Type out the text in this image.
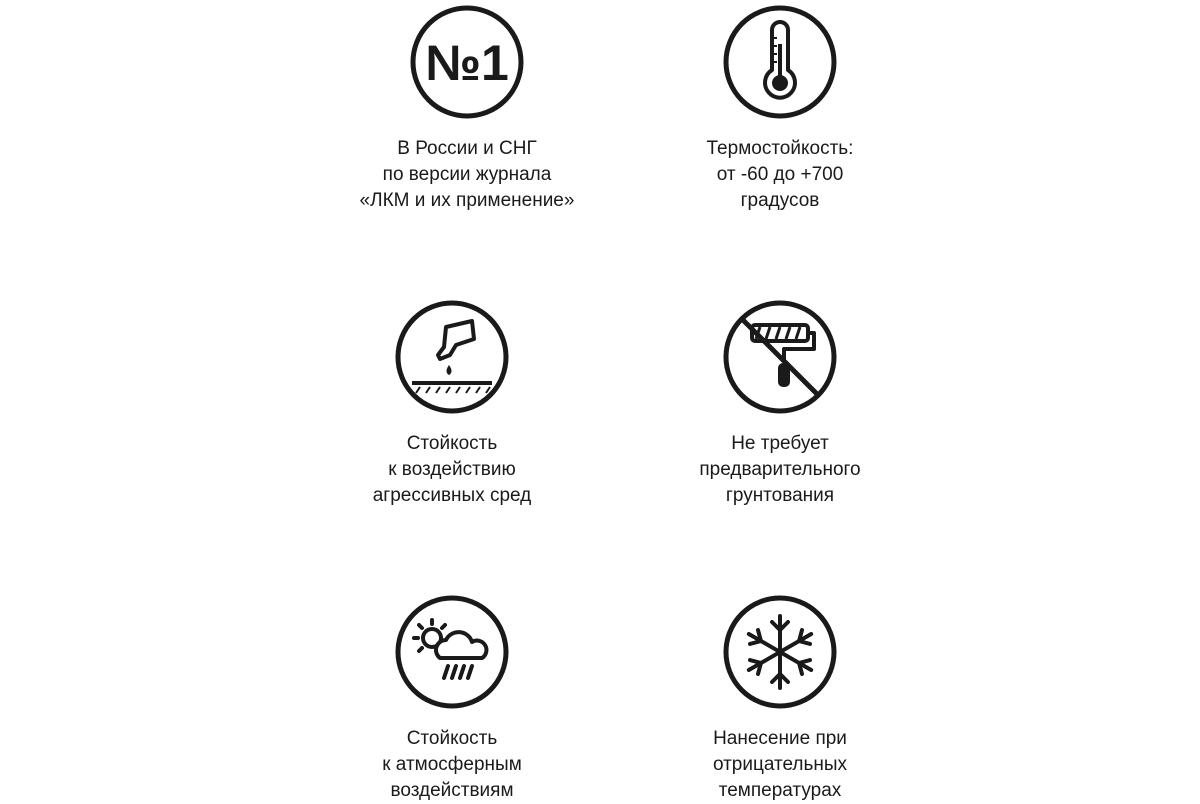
№1
В России и СНГ
по версии журнала
«ЛКМ и их применение»
Термостойкость:
от -60 до +700
градусов
Стойкость
к воздействию
агрессивных сред
Не требует
предварительного
грунтования
Стойкость
к атмосферным
воздействиям
Нанесение при
отрицательных
температурах
